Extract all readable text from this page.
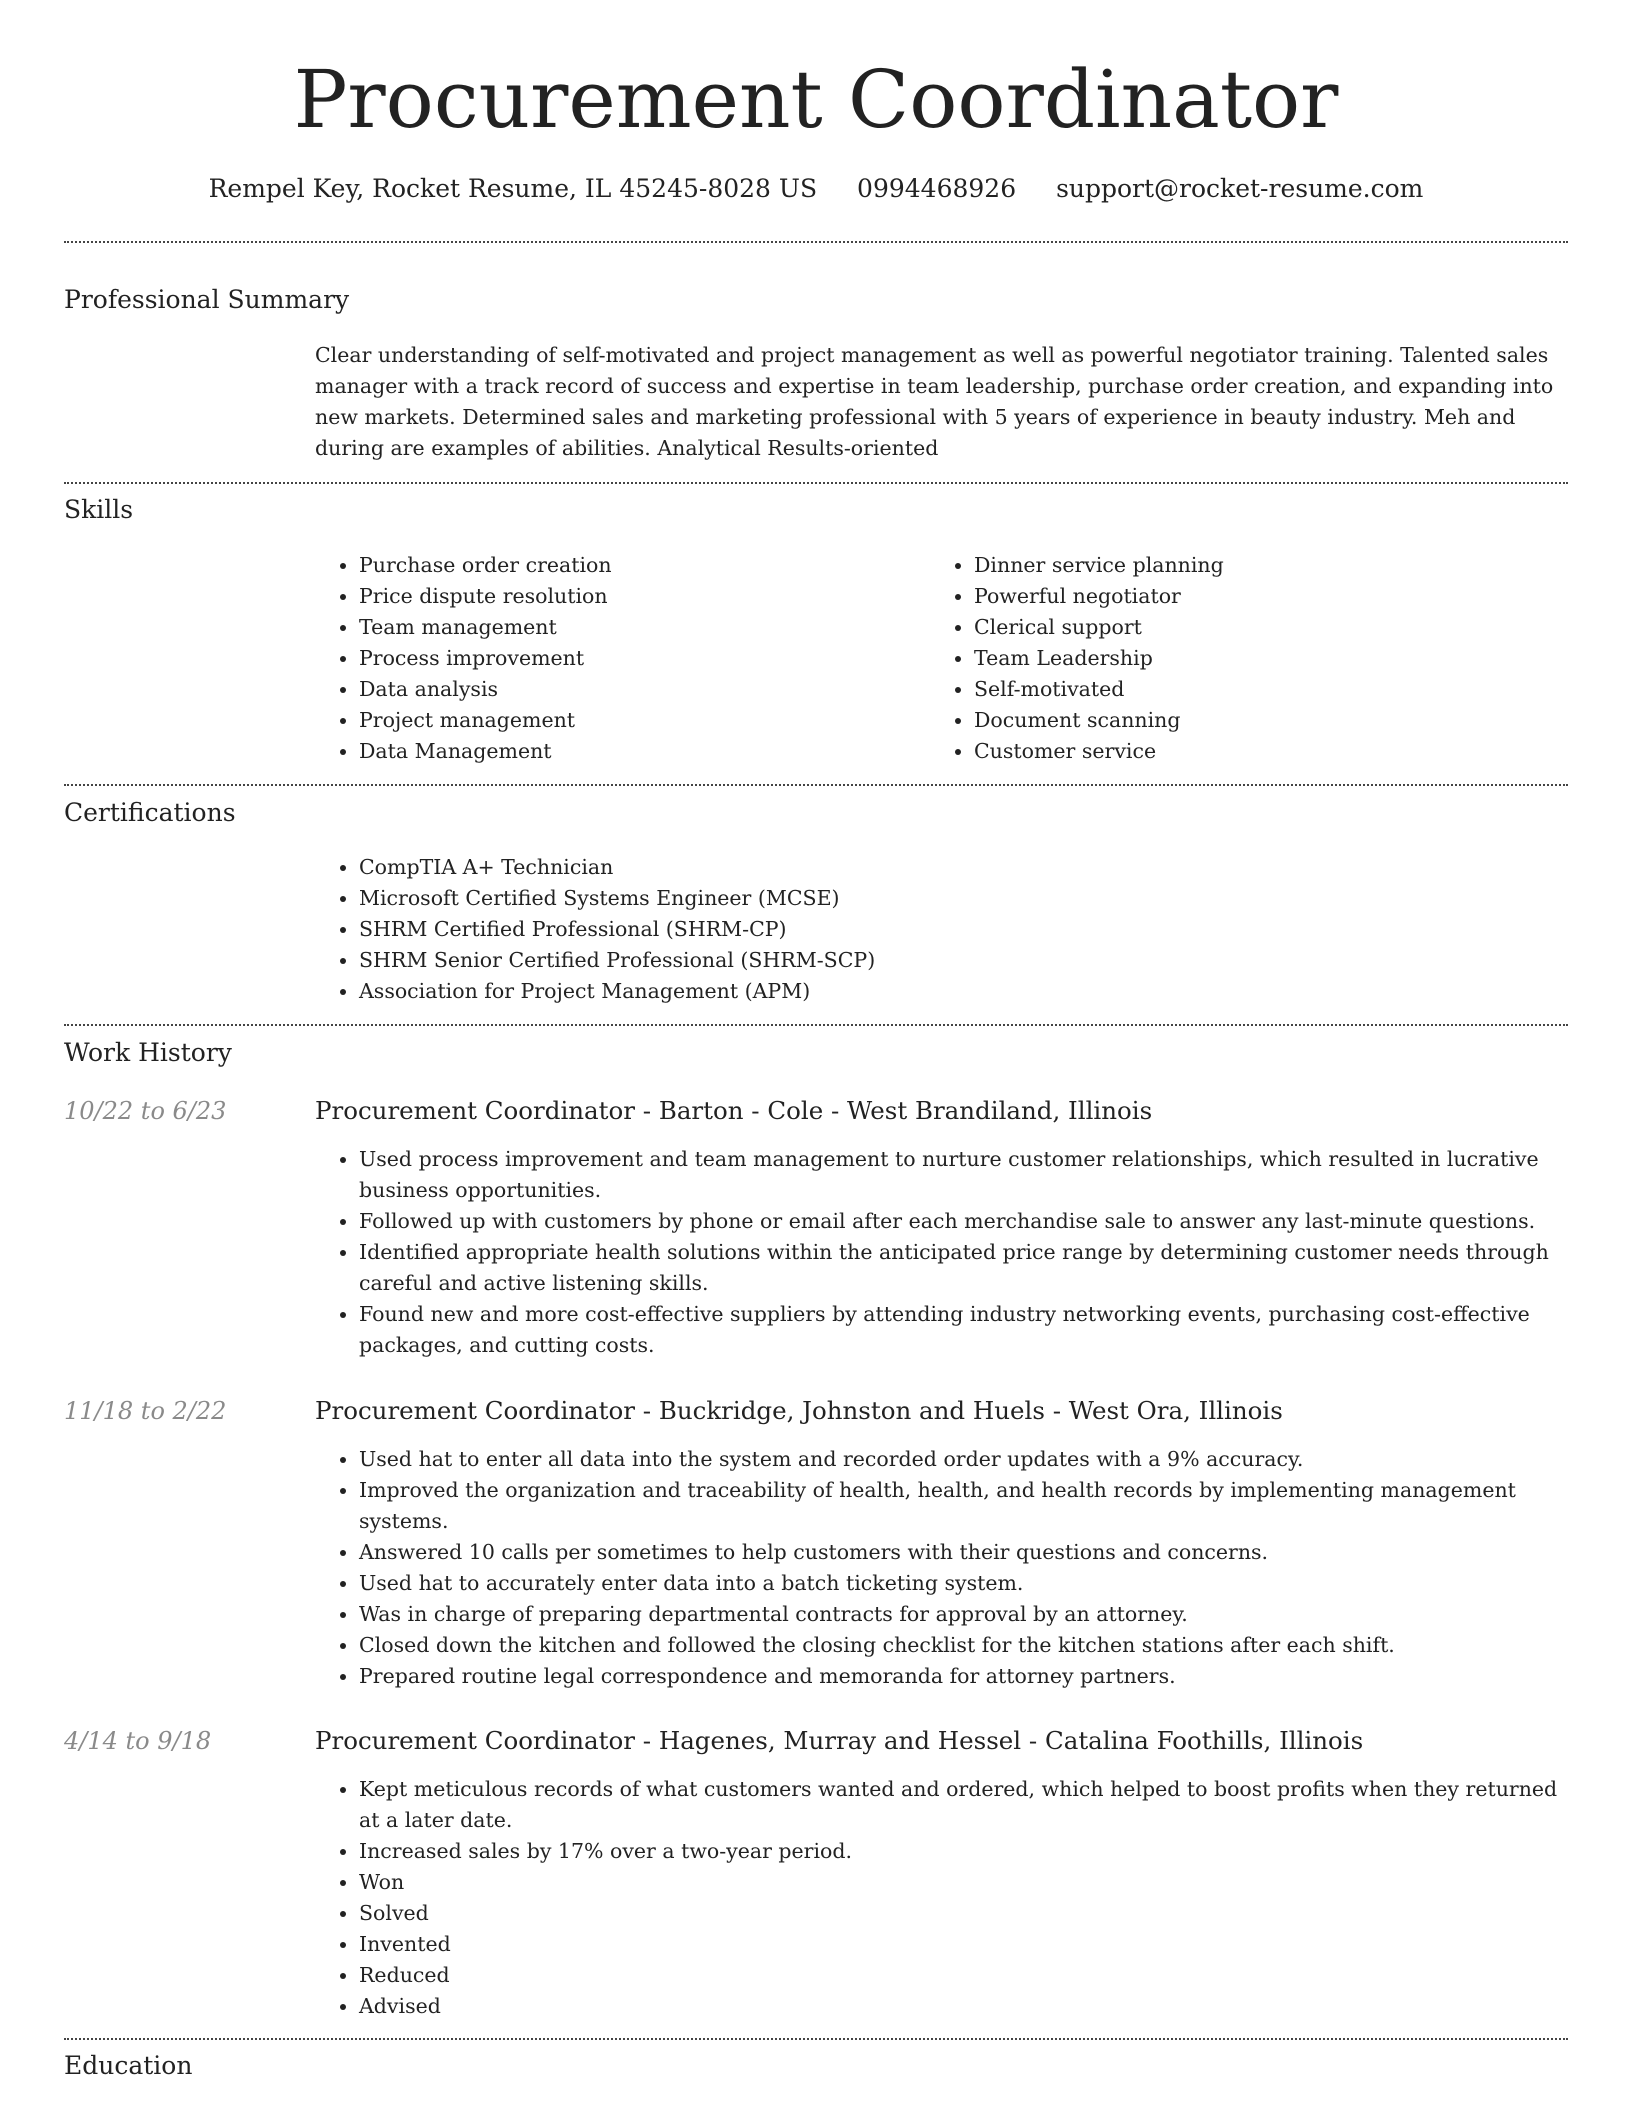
Procurement Coordinator
Rempel Key, Rocket Resume, IL 45245-8028 US 0994468926 support@rocket-resume.com
Professional Summary

Clear understanding of self-motivated and project management as well as powerful negotiator training. Talented sales manager with a track record of success and expertise in team leadership, purchase order creation, and expanding into new markets. Determined sales and marketing professional with 5 years of experience in beauty industry. Meh and during are examples of abilities. Analytical Results-oriented

Skills
• Purchase order creation
• Price dispute resolution
• Team management
• Process improvement
• Data analysis
• Project management
• Data Management
• Dinner service planning
• Powerful negotiator
• Clerical support
• Team Leadership
• Self-motivated
• Document scanning
• Customer service
Certifications
• CompTIA A+ Technician
• Microsoft Certified Systems Engineer (MCSE)
• SHRM Certified Professional (SHRM-CP)
• SHRM Senior Certified Professional (SHRM-SCP)
• Association for Project Management (APM)
Work History
10/22 to 6/23	Procurement Coordinator - Barton - Cole - West Brandiland, Illinois
• Used process improvement and team management to nurture customer relationships, which resulted in lucrative business opportunities.
• Followed up with customers by phone or email after each merchandise sale to answer any last-minute questions.
• Identified appropriate health solutions within the anticipated price range by determining customer needs through careful and active listening skills.
• Found new and more cost-effective suppliers by attending industry networking events, purchasing cost-effective packages, and cutting costs.
11/18 to 2/22	Procurement Coordinator - Buckridge, Johnston and Huels - West Ora, Illinois
• Used hat to enter all data into the system and recorded order updates with a 9% accuracy.
• Improved the organization and traceability of health, health, and health records by implementing management systems.
• Answered 10 calls per sometimes to help customers with their questions and concerns.
• Used hat to accurately enter data into a batch ticketing system.
• Was in charge of preparing departmental contracts for approval by an attorney.
• Closed down the kitchen and followed the closing checklist for the kitchen stations after each shift.
• Prepared routine legal correspondence and memoranda for attorney partners.
4/14 to 9/18	Procurement Coordinator - Hagenes, Murray and Hessel - Catalina Foothills, Illinois
• Kept meticulous records of what customers wanted and ordered, which helped to boost profits when they returned at a later date.
• Increased sales by 17% over a two-year period.
• Won
• Solved
• Invented
• Reduced
• Advised
Education
